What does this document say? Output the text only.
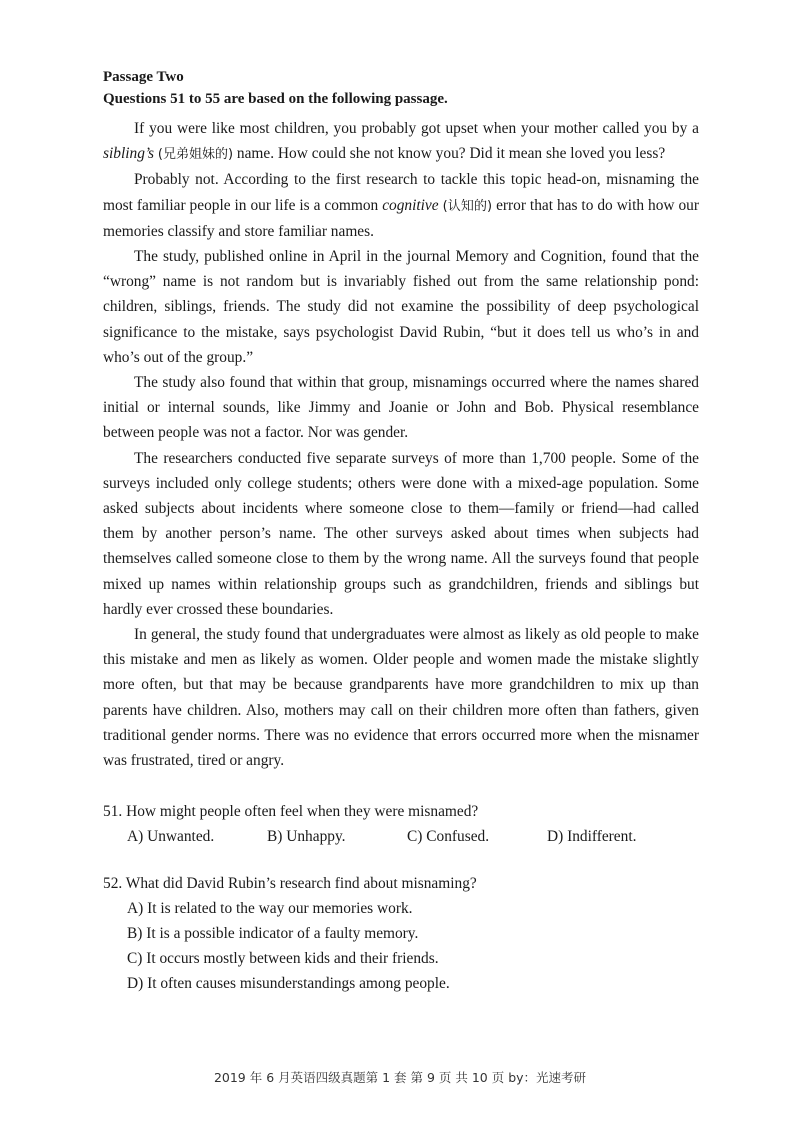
Passage Two

Questions 51 to 55 are based on the following passage.

If you were like most children, you probably got upset when your mother called you by a sibling’s (兄弟姐妹的) name. How could she not know you? Did it mean she loved you less?

Probably not. According to the first research to tackle this topic head-on, misnaming the most familiar people in our life is a common cognitive (认知的) error that has to do with how our memories classify and store familiar names.

The study, published online in April in the journal Memory and Cognition, found that the “wrong” name is not random but is invariably fished out from the same relationship pond: children, siblings, friends. The study did not examine the possibility of deep psychological significance to the mistake, says psychologist David Rubin, “but it does tell us who’s in and who’s out of the group.”

The study also found that within that group, misnamings occurred where the names shared initial or internal sounds, like Jimmy and Joanie or John and Bob. Physical resemblance between people was not a factor. Nor was gender.

The researchers conducted five separate surveys of more than 1,700 people. Some of the surveys included only college students; others were done with a mixed-age population. Some asked subjects about incidents where someone close to them—family or friend—had called them by another person’s name. The other surveys asked about times when subjects had themselves called someone close to them by the wrong name. All the surveys found that people mixed up names within relationship groups such as grandchildren, friends and siblings but hardly ever crossed these boundaries.

In general, the study found that undergraduates were almost as likely as old people to make this mistake and men as likely as women. Older people and women made the mistake slightly more often, but that may be because grandparents have more grandchildren to mix up than parents have children. Also, mothers may call on their children more often than fathers, given traditional gender norms. There was no evidence that errors occurred more when the misnamer was frustrated, tired or angry.

51. How might people often feel when they were misnamed?

A) Unwanted.	B) Unhappy.	C) Confused.	D) Indifferent.

52. What did David Rubin’s research find about misnaming?

A) It is related to the way our memories work.
B) It is a possible indicator of a faulty memory.
C) It occurs mostly between kids and their friends.
D) It often causes misunderstandings among people.
2019 年 6 月英语四级真题第 1 套 第 9 页 共 10 页 by：光速考研
